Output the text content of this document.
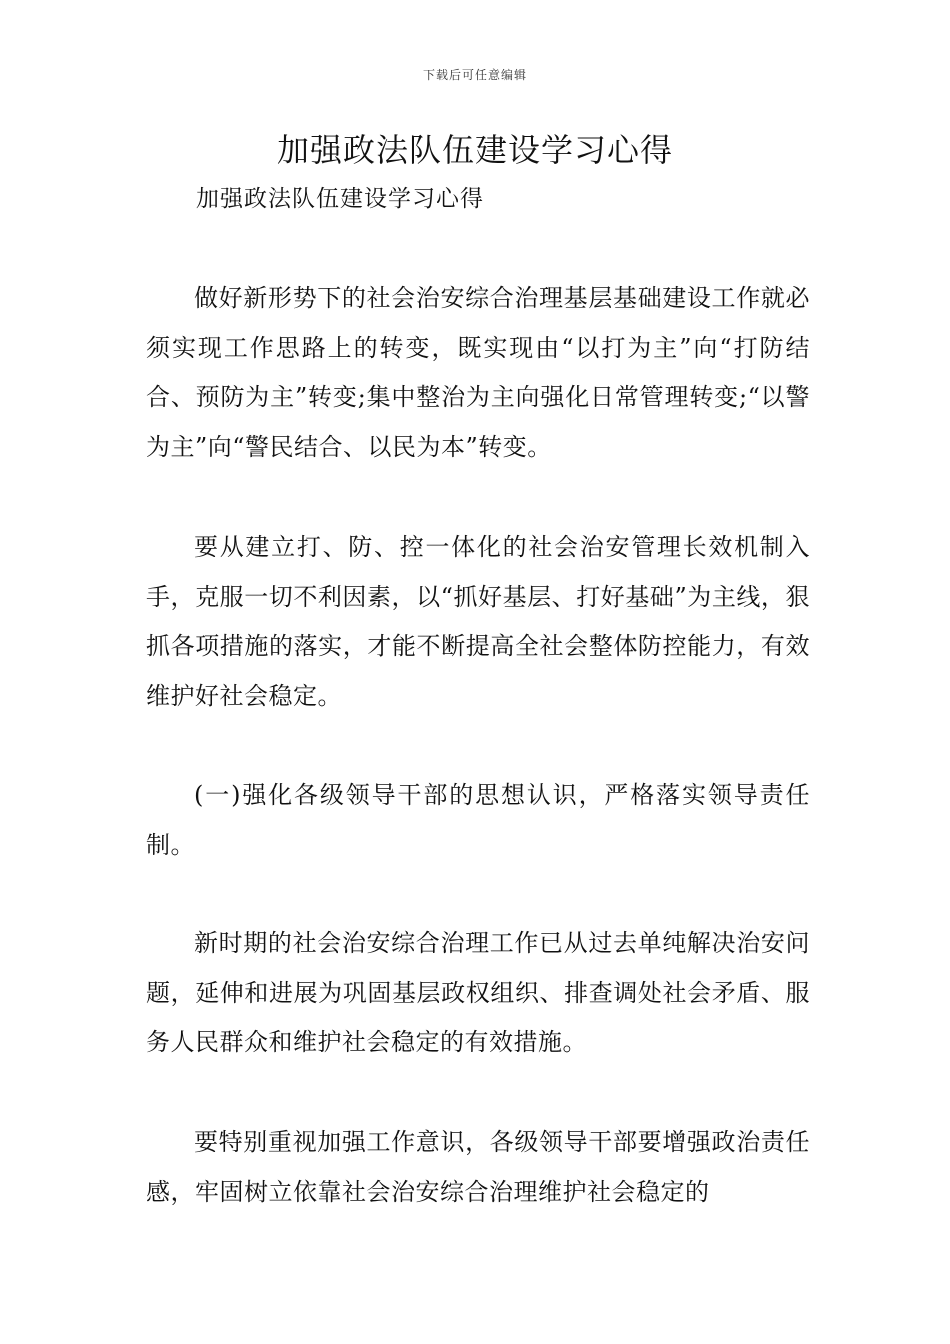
下载后可任意编辑
加强政法队伍建设学习心得
加强政法队伍建设学习心得

做好新形势下的社会治安综合治理基层基础建设工作就必须实现工作思路上的转变，既实现由“以打为主”向“打防结合、预防为主”转变;集中整治为主向强化日常管理转变;“以警为主”向“警民结合、以民为本”转变。

要从建立打、防、控一体化的社会治安管理长效机制入手，克服一切不利因素，以“抓好基层、打好基础”为主线，狠抓各项措施的落实，才能不断提高全社会整体防控能力，有效维护好社会稳定。

(一)强化各级领导干部的思想认识，严格落实领导责任制。

新时期的社会治安综合治理工作已从过去单纯解决治安问题，延伸和进展为巩固基层政权组织、排查调处社会矛盾、服务人民群众和维护社会稳定的有效措施。

要特别重视加强工作意识，各级领导干部要增强政治责任感，牢固树立依靠社会治安综合治理维护社会稳定的
